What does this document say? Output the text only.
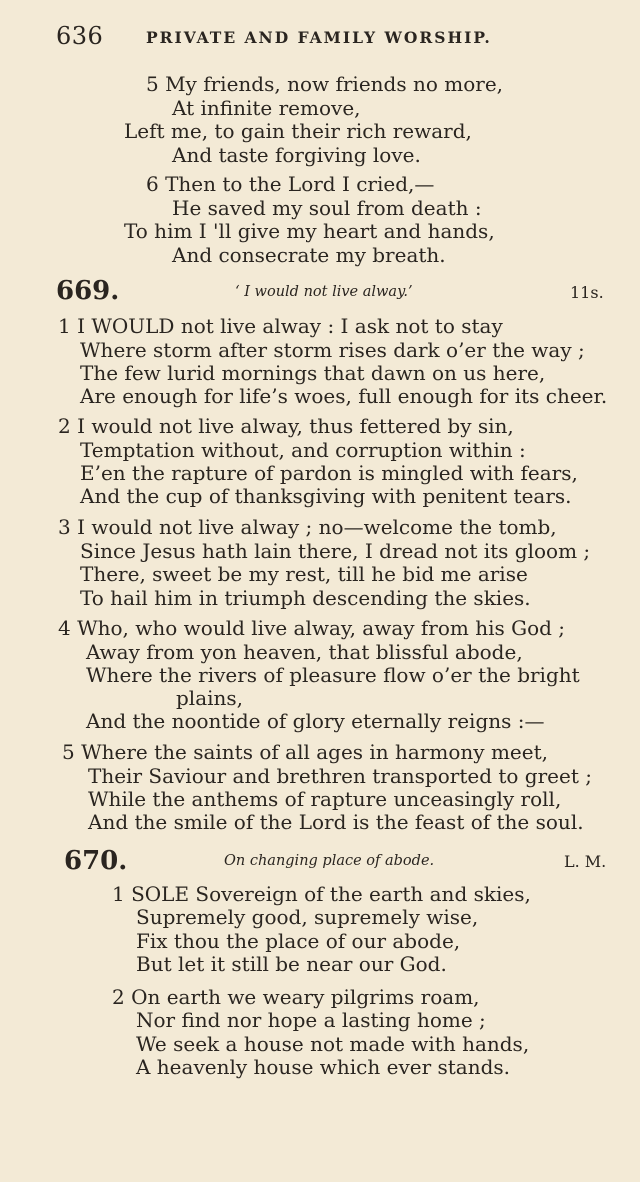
636	PRIVATE AND FAMILY WORSHIP.
5 My friends, now friends no more,
At infinite remove,
Left me, to gain their rich reward,
And taste forgiving love.
6 Then to the Lord I cried,—
He saved my soul from death :
To him I 'll give my heart and hands,
And consecrate my breath.
669.	‘ I would not live alway.’	11s.
1 I WOULD not live alway : I ask not to stay
Where storm after storm rises dark o’er the way ;
The few lurid mornings that dawn on us here,
Are enough for life’s woes, full enough for its cheer.
2 I would not live alway, thus fettered by sin,
Temptation without, and corruption within :
E’en the rapture of pardon is mingled with fears,
And the cup of thanksgiving with penitent tears.
3 I would not live alway ; no—welcome the tomb,
Since Jesus hath lain there, I dread not its gloom ;
There, sweet be my rest, till he bid me arise
To hail him in triumph descending the skies.
4 Who, who would live alway, away from his God ;
Away from yon heaven, that blissful abode,
Where the rivers of pleasure flow o’er the bright
plains,
And the noontide of glory eternally reigns :—
5 Where the saints of all ages in harmony meet,
Their Saviour and brethren transported to greet ;
While the anthems of rapture unceasingly roll,
And the smile of the Lord is the feast of the soul.
670.	On changing place of abode.	L. M.
1 SOLE Sovereign of the earth and skies,
Supremely good, supremely wise,
Fix thou the place of our abode,
But let it still be near our God.
2 On earth we weary pilgrims roam,
Nor find nor hope a lasting home ;
We seek a house not made with hands,
A heavenly house which ever stands.
